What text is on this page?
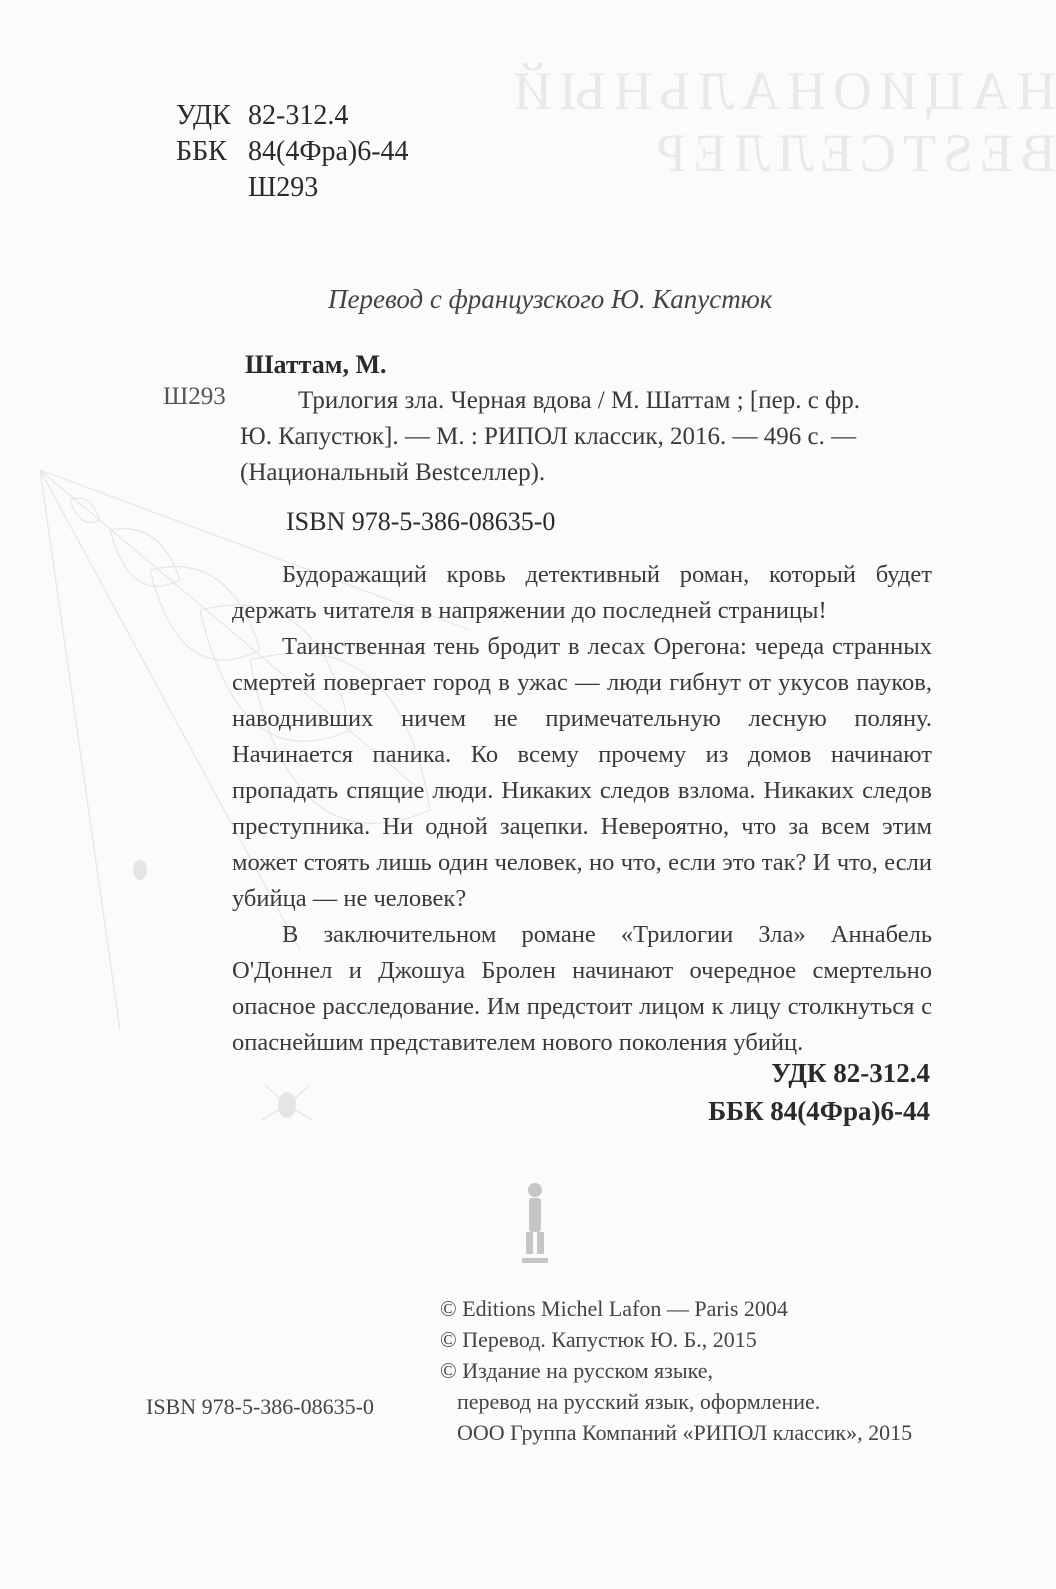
НАЦИОНАЛЬНЫЙ BESTСЕЛЛЕР
УДК 82-312.4
ББК 84(4Фра)6-44
Ш293
Перевод с французского Ю. Капустюк
Шаттам, М.
Ш293	Трилогия зла. Черная вдова / М. Шаттам ; [пер. с фр.

Ю. Капустюк]. — М. : РИПОЛ классик, 2016. — 496 с. —

(Национальный Bestселлер).

ISBN 978-5-386-08635-0

Будоражащий кровь детективный роман, который будет держать читателя в напряжении до последней страницы!

Таинственная тень бродит в лесах Орегона: череда странных смертей повергает город в ужас — люди гибнут от укусов пауков, наводнивших ничем не примечательную лесную поляну. Начинается паника. Ко всему прочему из домов начинают пропадать спящие люди. Никаких следов взлома. Никаких следов преступника. Ни одной зацепки. Невероятно, что за всем этим может стоять лишь один человек, но что, если это так? И что, если убийца — не человек?

В заключительном романе «Трилогии Зла» Аннабель О'Доннел и Джошуа Бролен начинают очередное смертельно опасное расследование. Им предстоит лицом к лицу столкнуться с опаснейшим представителем нового поколения убийц.

УДК 82-312.4
ББК 84(4Фра)6-44
© Editions Michel Lafon — Paris 2004
© Перевод. Капустюк Ю. Б., 2015
© Издание на русском языке,
перевод на русский язык, оформление.
ООО Группа Компаний «РИПОЛ классик», 2015
ISBN 978-5-386-08635-0
